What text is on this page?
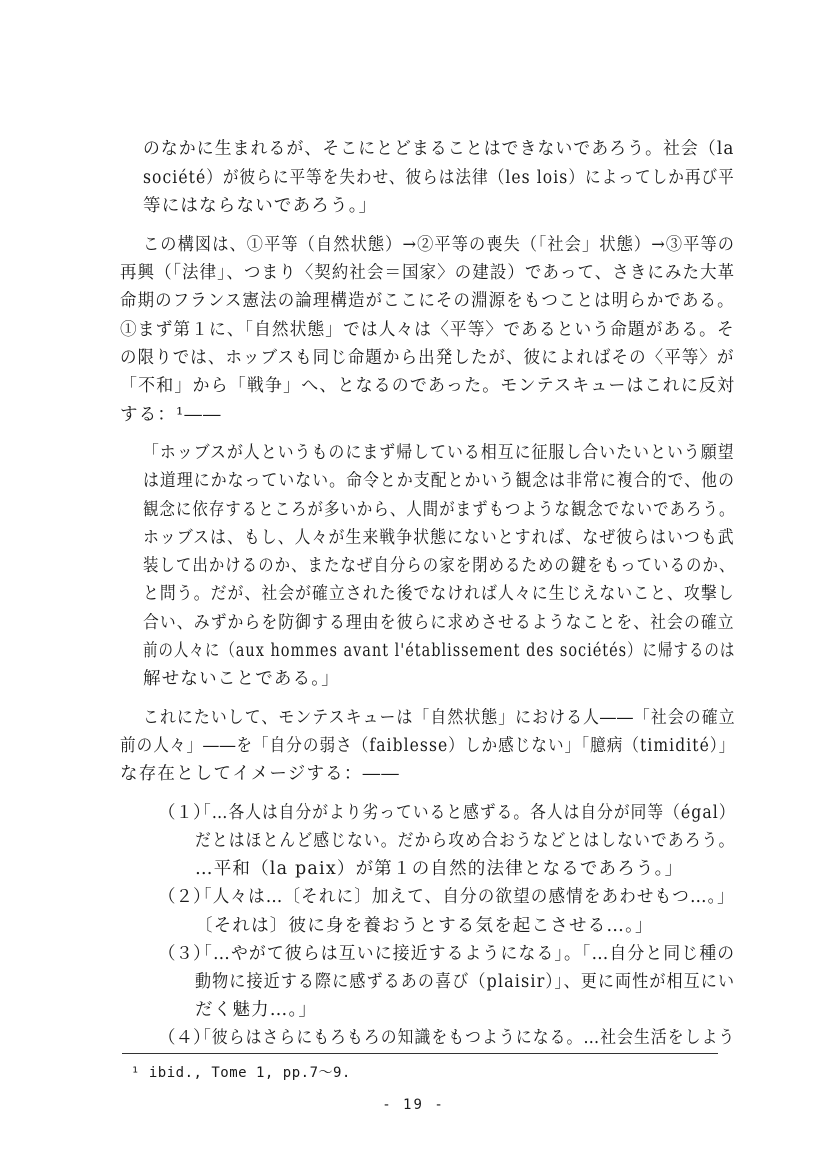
のなかに生まれるが、そこにとどまることはできないであろう。社会（la
société）が彼らに平等を失わせ、彼らは法律（les lois）によってしか再び平
等にはならないであろう。」
この構図は、①平等（自然状態）→②平等の喪失（「社会」状態）→③平等の
再興（「法律」、つまり〈契約社会＝国家〉の建設）であって、さきにみた大革
命期のフランス憲法の論理構造がここにその淵源をもつことは明らかである。
①まず第１に、「自然状態」では人々は〈平等〉であるという命題がある。そ
の限りでは、ホッブスも同じ命題から出発したが、彼によればその〈平等〉が
「不和」から「戦争」へ、となるのであった。モンテスキューはこれに反対
する：¹――
「ホッブスが人というものにまず帰している相互に征服し合いたいという願望
は道理にかなっていない。命令とか支配とかいう観念は非常に複合的で、他の
観念に依存するところが多いから、人間がまずもつような観念でないであろう。
ホッブスは、もし、人々が生来戦争状態にないとすれば、なぜ彼らはいつも武
装して出かけるのか、またなぜ自分らの家を閉めるための鍵をもっているのか、
と問う。だが、社会が確立された後でなければ人々に生じえないこと、攻撃し
合い、みずからを防御する理由を彼らに求めさせるようなことを、社会の確立
前の人々に（aux hommes avant l'établissement des sociétés）に帰するのは
解せないことである。」
これにたいして、モンテスキューは「自然状態」における人――「社会の確立
前の人々」――を「自分の弱さ（faiblesse）しか感じない」「臆病（timidité）」
な存在としてイメージする：――
（１）
「…各人は自分がより劣っていると感ずる。各人は自分が同等（égal）
だとはほとんど感じない。だから攻め合おうなどとはしないであろう。
…平和（la paix）が第１の自然的法律となるであろう。」
（２）
「人々は…〔それに〕加えて、自分の欲望の感情をあわせもつ…。」
〔それは〕彼に身を養おうとする気を起こさせる…。」
（３）
「…やがて彼らは互いに接近するようになる」。「…自分と同じ種の
動物に接近する際に感ずるあの喜び（plaisir）」、更に両性が相互にい
だく魅力…。」
（４）
「彼らはさらにもろもろの知識をもつようになる。…社会生活をしよう
¹ ibid., Tome 1, pp.7～9.
- 19 -
